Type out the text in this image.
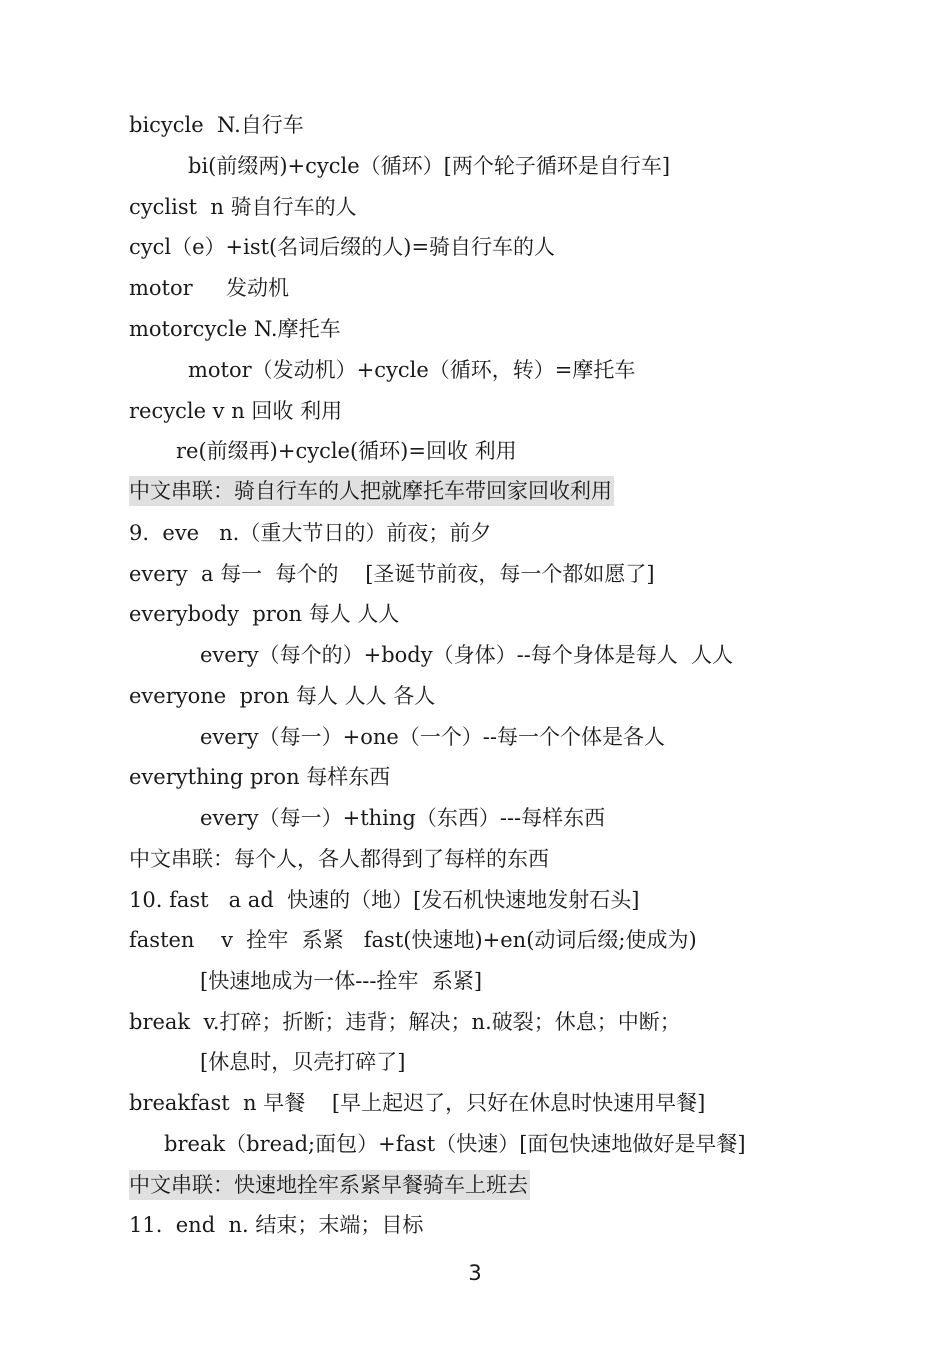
bicycle  N.自行车
bi(前缀两)+cycle（循环）[两个轮子循环是自行车]
cyclist  n 骑自行车的人
cycl（e）+ist(名词后缀的人)=骑自行车的人
motor     发动机
motorcycle N.摩托车
motor（发动机）+cycle（循环，转）=摩托车
recycle v n 回收 利用
re(前缀再)+cycle(循环)=回收 利用
中文串联：骑自行车的人把就摩托车带回家回收利用
9.  eve   n.（重大节日的）前夜；前夕
every  a 每一  每个的    [圣诞节前夜，每一个都如愿了]
everybody  pron 每人 人人
every（每个的）+body（身体）--每个身体是每人  人人
everyone  pron 每人 人人 各人
every（每一）+one（一个）--每一个个体是各人
everything pron 每样东西
every（每一）+thing（东西）---每样东西
中文串联：每个人，各人都得到了每样的东西
10. fast   a ad  快速的（地）[发石机快速地发射石头]
fasten    v  拴牢  系紧   fast(快速地)+en(动词后缀;使成为)
[快速地成为一体---拴牢  系紧]
break  v.打碎；折断；违背；解决；n.破裂；休息；中断；
[休息时，贝壳打碎了]
breakfast  n 早餐    [早上起迟了，只好在休息时快速用早餐]
break（bread;面包）+fast（快速）[面包快速地做好是早餐]
中文串联：快速地拴牢系紧早餐骑车上班去
11.  end  n. 结束；末端；目标
3
